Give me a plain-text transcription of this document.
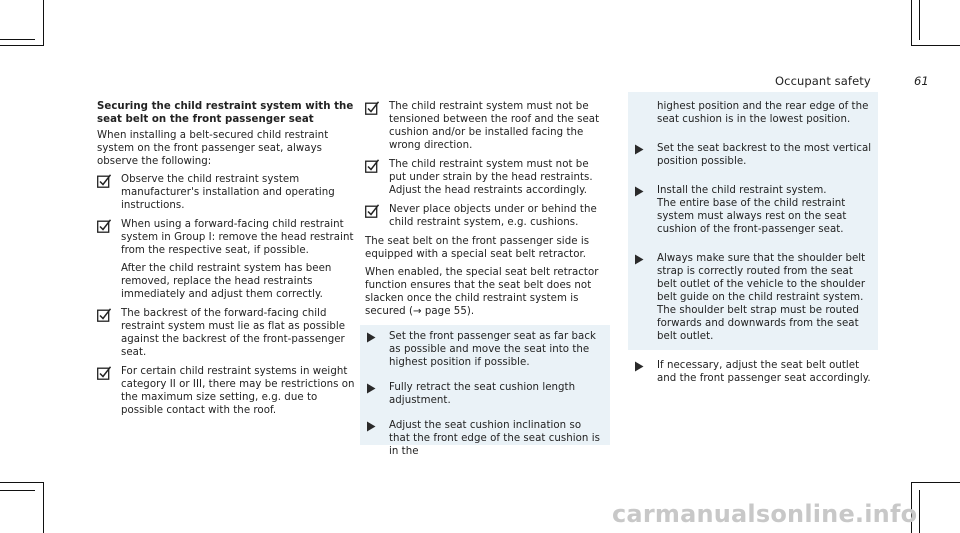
Occupant safety	61

Securing the child restraint system with the seat belt on the front passenger seat

When installing a belt-secured child restraint system on the front passenger seat, always observe the following:

Observe the child restraint system manufacturer's installation and operating instructions.
When using a forward-facing child restraint system in Group I: remove the head restraint from the respective seat, if possible.
After the child restraint system has been removed, replace the head restraints immediately and adjust them correctly.
The backrest of the forward-facing child restraint system must lie as flat as possible against the backrest of the front-passenger seat.
For certain child restraint systems in weight category II or III, there may be restrictions on the maximum size setting, e.g. due to possible contact with the roof.
The child restraint system must not be tensioned between the roof and the seat cushion and/or be installed facing the wrong direction.
The child restraint system must not be put under strain by the head restraints. Adjust the head restraints accordingly.
Never place objects under or behind the child restraint system, e.g. cushions.

The seat belt on the front passenger side is equipped with a special seat belt retractor.

When enabled, the special seat belt retractor function ensures that the seat belt does not slacken once the child restraint system is secured (→ page 55).

Set the front passenger seat as far back as possible and move the seat into the highest position if possible.
Fully retract the seat cushion length adjustment.
Adjust the seat cushion inclination so that the front edge of the seat cushion is in the
highest position and the rear edge of the seat cushion is in the lowest position.
Set the seat backrest to the most vertical position possible.
Install the child restraint system.
The entire base of the child restraint system must always rest on the seat cushion of the front-passenger seat.
Always make sure that the shoulder belt strap is correctly routed from the seat belt outlet of the vehicle to the shoulder belt guide on the child restraint system.
The shoulder belt strap must be routed forwards and downwards from the seat belt outlet.
If necessary, adjust the seat belt outlet and the front passenger seat accordingly.
carmanualsonline.info
